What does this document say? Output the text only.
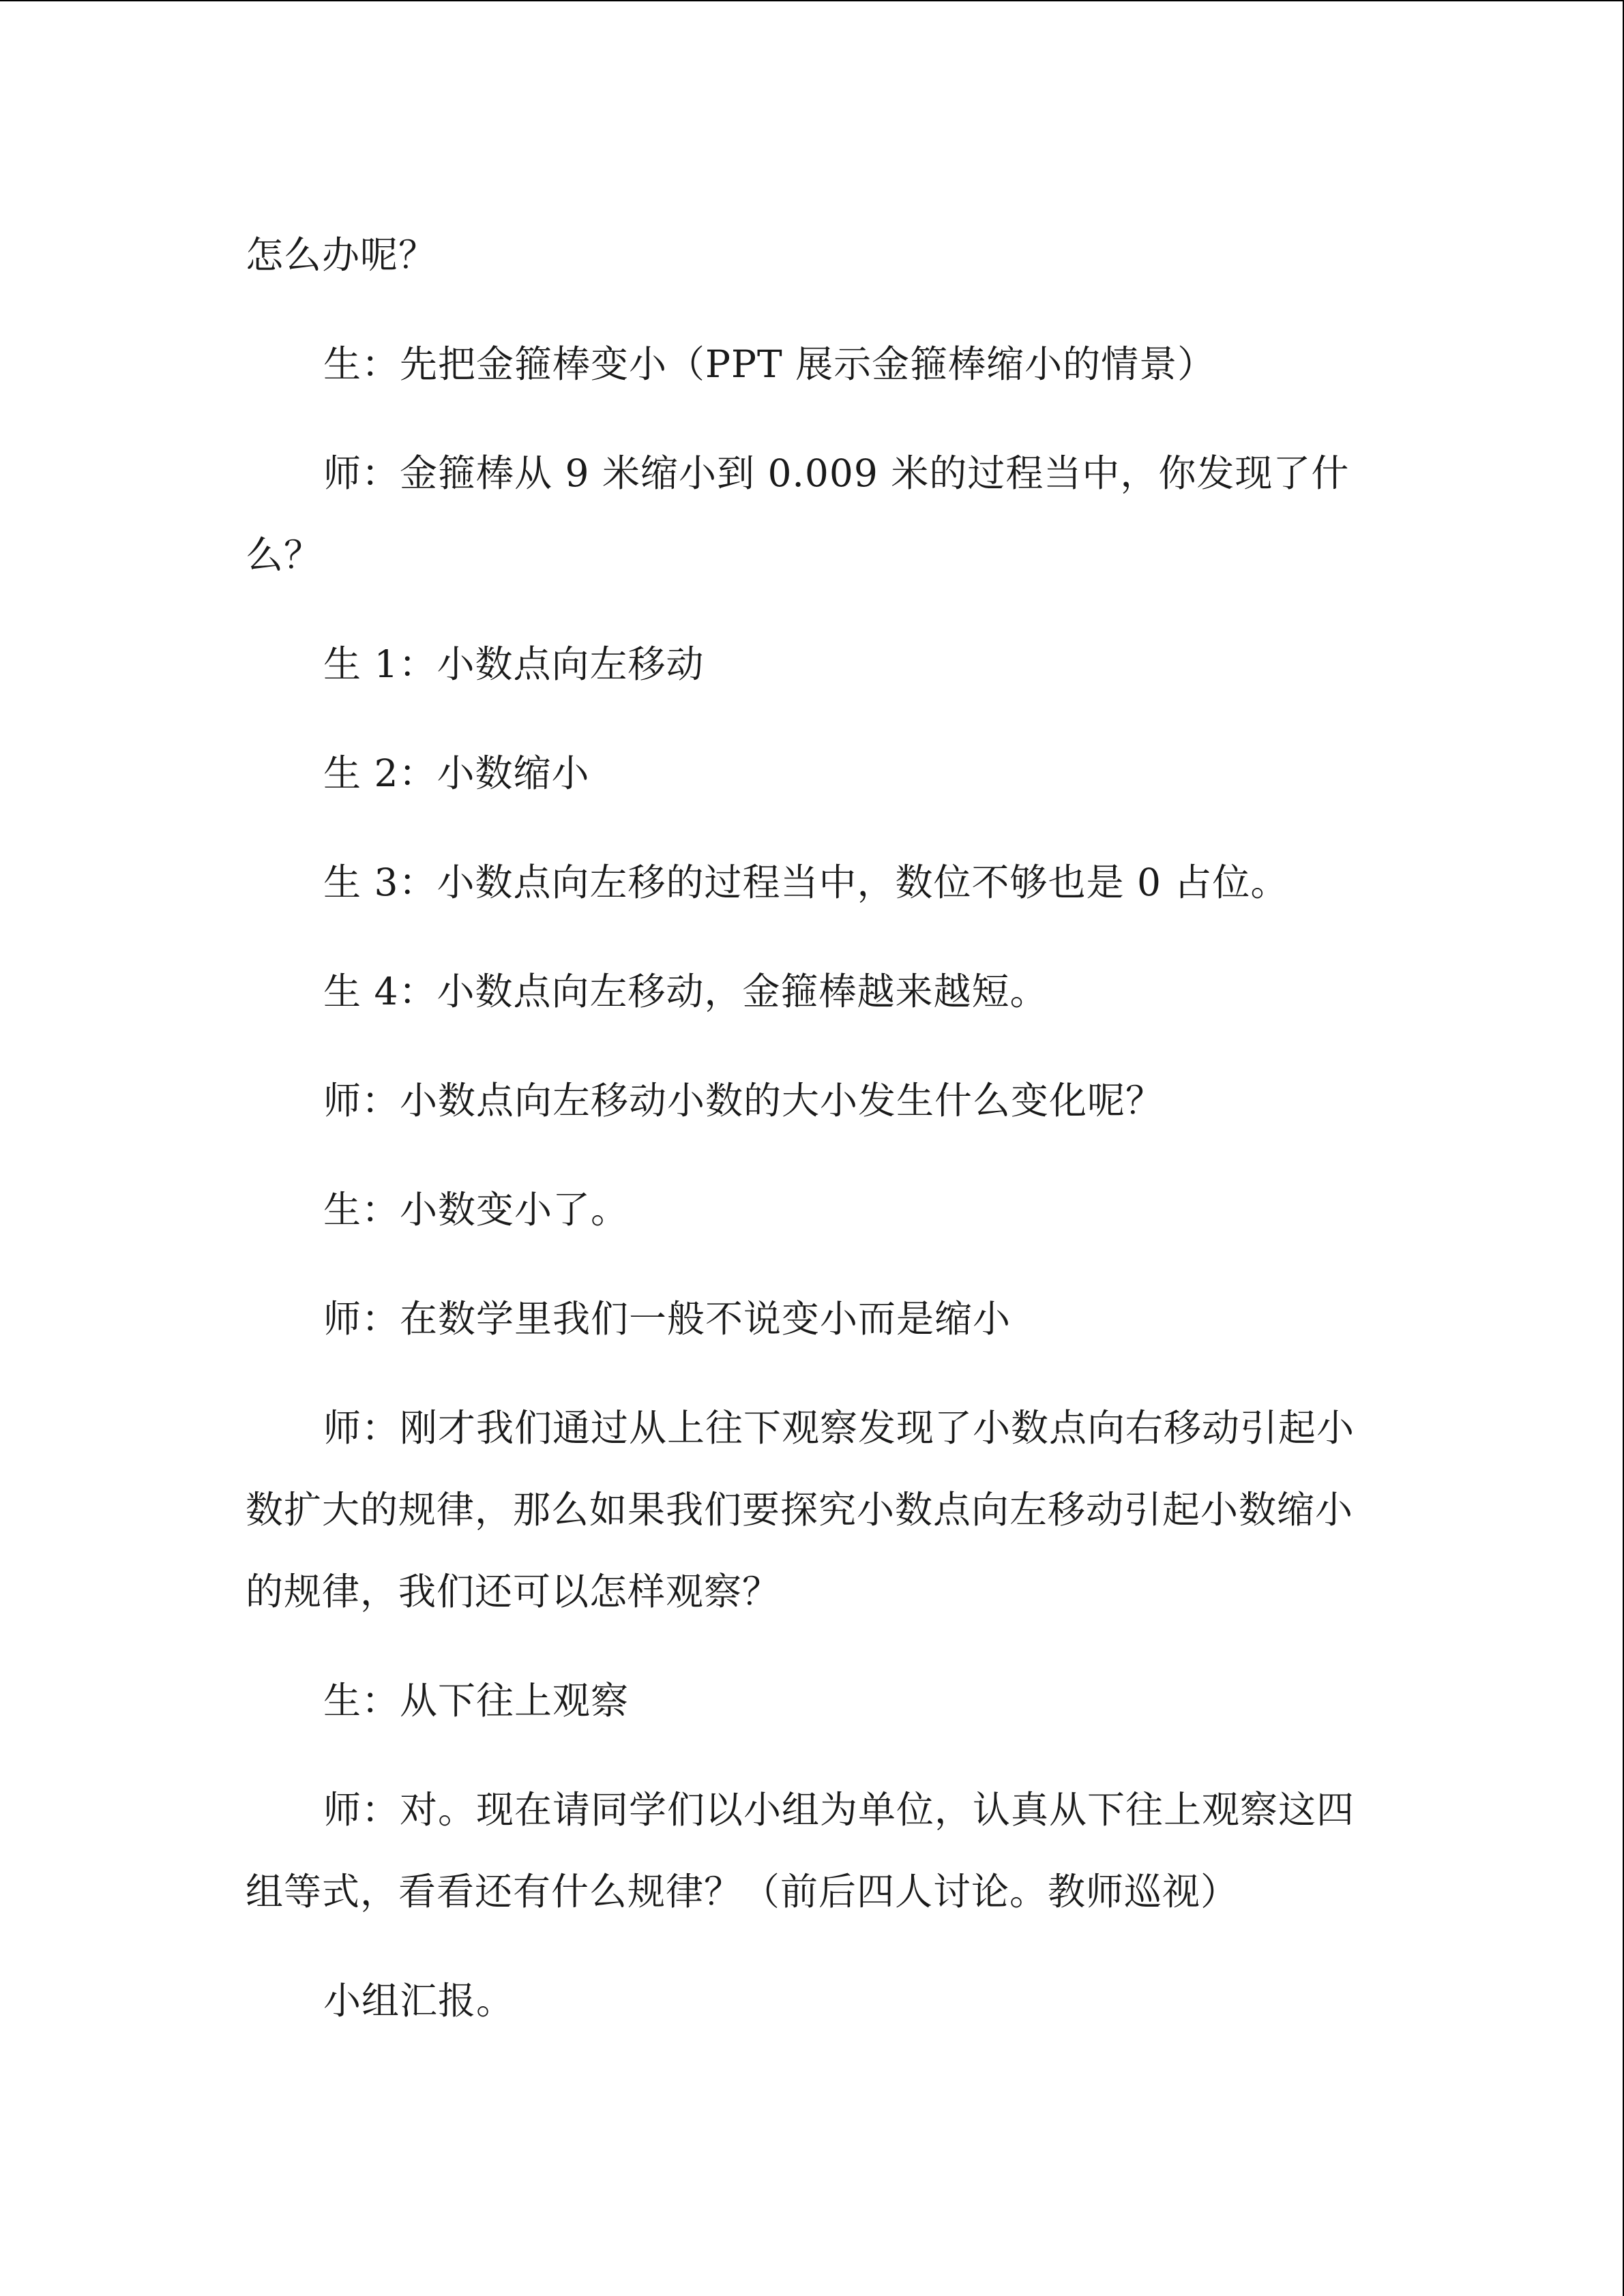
怎么办呢？

生：先把金箍棒变小（PPT 展示金箍棒缩小的情景）

师：金箍棒从 9 米缩小到 0.009 米的过程当中，你发现了什么？

生 1：小数点向左移动

生 2：小数缩小

生 3：小数点向左移的过程当中，数位不够也是 0 占位。

生 4：小数点向左移动，金箍棒越来越短。

师：小数点向左移动小数的大小发生什么变化呢？

生：小数变小了。

师：在数学里我们一般不说变小而是缩小

师：刚才我们通过从上往下观察发现了小数点向右移动引起小数扩大的规律，那么如果我们要探究小数点向左移动引起小数缩小的规律，我们还可以怎样观察？

生：从下往上观察

师：对。现在请同学们以小组为单位，认真从下往上观察这四组等式，看看还有什么规律？（前后四人讨论。教师巡视）

小组汇报。
